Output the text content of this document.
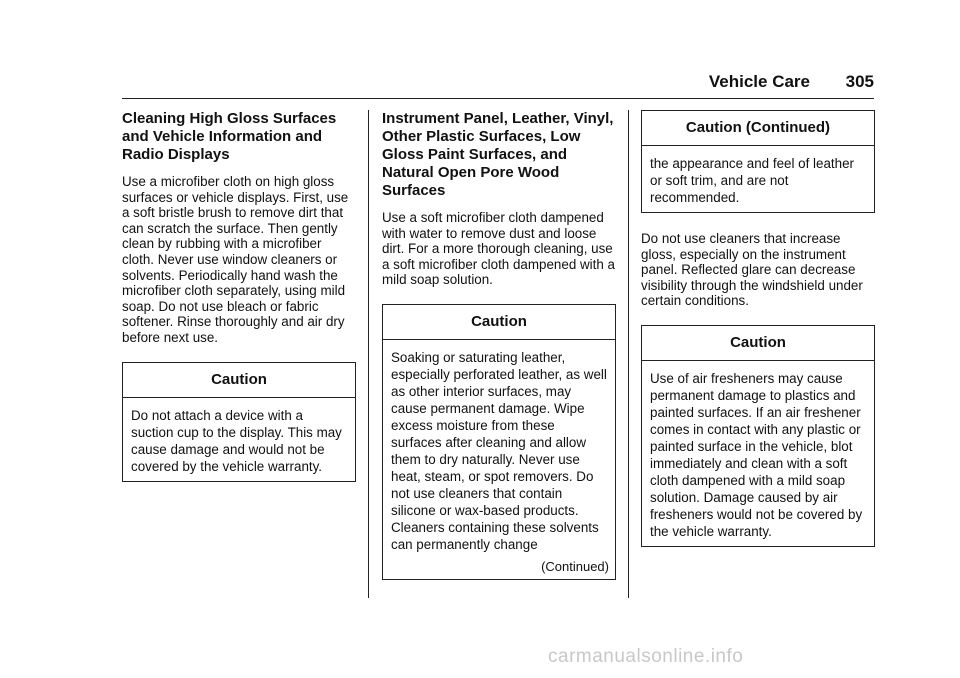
Vehicle Care 305
Cleaning High Gloss Surfaces and Vehicle Information and Radio Displays

Use a microfiber cloth on high gloss surfaces or vehicle displays. First, use a soft bristle brush to remove dirt that can scratch the surface. Then gently clean by rubbing with a microfiber cloth. Never use window cleaners or solvents. Periodically hand wash the microfiber cloth separately, using mild soap. Do not use bleach or fabric softener. Rinse thoroughly and air dry before next use.

Caution
Do not attach a device with a suction cup to the display. This may cause damage and would not be covered by the vehicle warranty.
Instrument Panel, Leather, Vinyl, Other Plastic Surfaces, Low Gloss Paint Surfaces, and Natural Open Pore Wood Surfaces

Use a soft microfiber cloth dampened with water to remove dust and loose dirt. For a more thorough cleaning, use a soft microfiber cloth dampened with a mild soap solution.

Caution
Soaking or saturating leather, especially perforated leather, as well as other interior surfaces, may cause permanent damage. Wipe excess moisture from these surfaces after cleaning and allow them to dry naturally. Never use heat, steam, or spot removers. Do not use cleaners that contain silicone or wax-based products. Cleaners containing these solvents can permanently change
(Continued)
Caution (Continued)
the appearance and feel of leather or soft trim, and are not recommended.

Do not use cleaners that increase gloss, especially on the instrument panel. Reflected glare can decrease visibility through the windshield under certain conditions.

Caution
Use of air fresheners may cause permanent damage to plastics and painted surfaces. If an air freshener comes in contact with any plastic or painted surface in the vehicle, blot immediately and clean with a soft cloth dampened with a mild soap solution. Damage caused by air fresheners would not be covered by the vehicle warranty.
carmanualsonline.info
